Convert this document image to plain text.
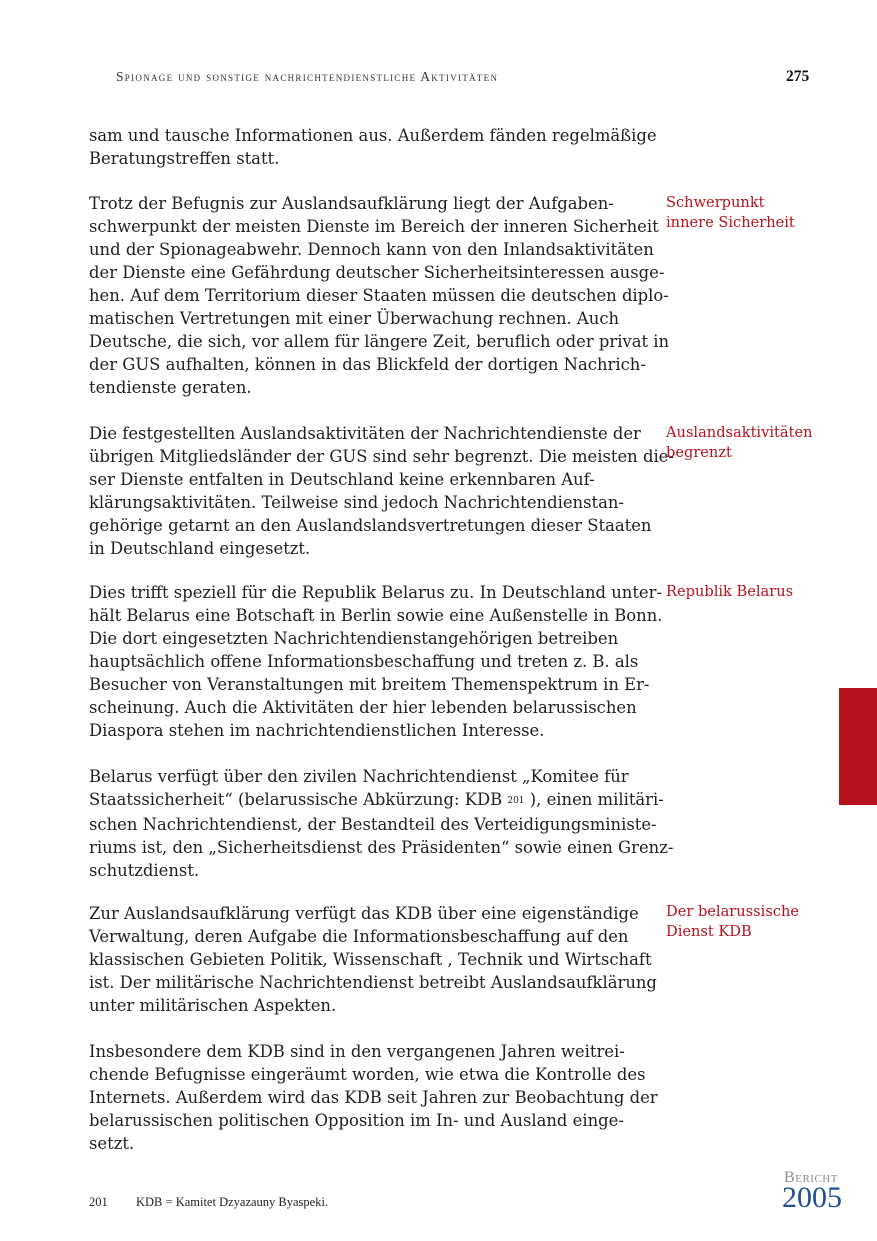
Spionage und sonstige nachrichtendienstliche Aktivitäten	275

sam und tausche Informationen aus. Außerdem fänden regelmäßige
Beratungstreffen statt.

Trotz der Befugnis zur Auslandsaufklärung liegt der Aufgaben-
schwerpunkt der meisten Dienste im Bereich der inneren Sicherheit
und der Spionageabwehr. Dennoch kann von den Inlandsaktivitäten
der Dienste eine Gefährdung deutscher Sicherheitsinteressen ausge-
hen. Auf dem Territorium dieser Staaten müssen die deutschen diplo-
matischen Vertretungen mit einer Überwachung rechnen. Auch
Deutsche, die sich, vor allem für längere Zeit, beruflich oder privat in
der GUS aufhalten, können in das Blickfeld der dortigen Nachrich-
tendienste geraten.

Die festgestellten Auslandsaktivitäten der Nachrichtendienste der
übrigen Mitgliedsländer der GUS sind sehr begrenzt. Die meisten die-
ser Dienste entfalten in Deutschland keine erkennbaren Auf-
klärungsaktivitäten. Teilweise sind jedoch Nachrichtendienstan-
gehörige getarnt an den Auslandslandsvertretungen dieser Staaten
in Deutschland eingesetzt.

Dies trifft speziell für die Republik Belarus zu. In Deutschland unter-
hält Belarus eine Botschaft in Berlin sowie eine Außenstelle in Bonn.
Die dort eingesetzten Nachrichtendienstangehörigen betreiben
hauptsächlich offene Informationsbeschaffung und treten z. B. als
Besucher von Veranstaltungen mit breitem Themenspektrum in Er-
scheinung. Auch die Aktivitäten der hier lebenden belarussischen
Diaspora stehen im nachrichtendienstlichen Interesse.

Belarus verfügt über den zivilen Nachrichtendienst „Komitee für
Staatssicherheit“ (belarussische Abkürzung: KDB $^{201}$ ), einen militäri-
schen Nachrichtendienst, der Bestandteil des Verteidigungsministe-
riums ist, den „Sicherheitsdienst des Präsidenten“ sowie einen Grenz-
schutzdienst.

Zur Auslandsaufklärung verfügt das KDB über eine eigenständige
Verwaltung, deren Aufgabe die Informationsbeschaffung auf den
klassischen Gebieten Politik, Wissenschaft , Technik und Wirtschaft
ist. Der militärische Nachrichtendienst betreibt Auslandsaufklärung
unter militärischen Aspekten.

Insbesondere dem KDB sind in den vergangenen Jahren weitrei-
chende Befugnisse eingeräumt worden, wie etwa die Kontrolle des
Internets. Außerdem wird das KDB seit Jahren zur Beobachtung der
belarussischen politischen Opposition im In- und Ausland einge-
setzt.

Schwerpunkt
innere Sicherheit

Auslandsaktivitäten
begrenzt

Republik Belarus

Der belarussische
Dienst KDB

201 KDB = Kamitet Dzyazauny Byaspeki.
Bericht
2005
